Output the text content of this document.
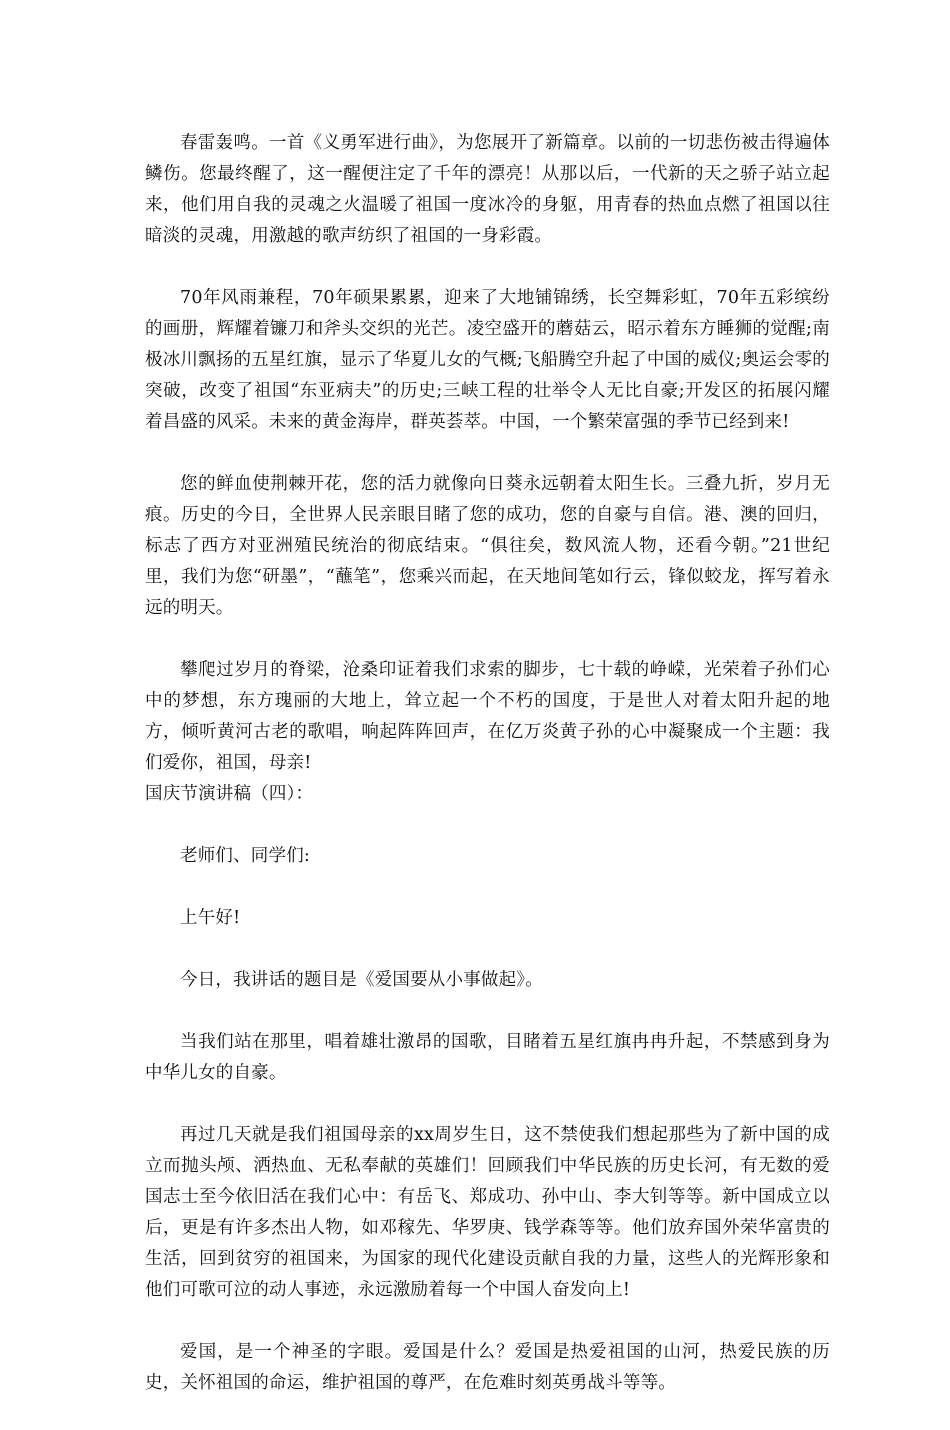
春雷轰鸣。一首《义勇军进行曲》，为您展开了新篇章。以前的一切悲伤被击得遍体鳞伤。您最终醒了，这一醒便注定了千年的漂亮！从那以后，一代新的天之骄子站立起来，他们用自我的灵魂之火温暖了祖国一度冰冷的身躯，用青春的热血点燃了祖国以往暗淡的灵魂，用激越的歌声纺织了祖国的一身彩霞。

70年风雨兼程，70年硕果累累，迎来了大地铺锦绣，长空舞彩虹，70年五彩缤纷的画册，辉耀着镰刀和斧头交织的光芒。凌空盛开的蘑菇云，昭示着东方睡狮的觉醒;南极冰川飘扬的五星红旗，显示了华夏儿女的气概;飞船腾空升起了中国的威仪;奥运会零的突破，改变了祖国“东亚病夫”的历史;三峡工程的壮举令人无比自豪;开发区的拓展闪耀着昌盛的风采。未来的黄金海岸，群英荟萃。中国，一个繁荣富强的季节已经到来!

您的鲜血使荆棘开花，您的活力就像向日葵永远朝着太阳生长。三叠九折，岁月无痕。历史的今日，全世界人民亲眼目睹了您的成功，您的自豪与自信。港、澳的回归，标志了西方对亚洲殖民统治的彻底结束。“俱往矣，数风流人物，还看今朝。”21世纪里，我们为您“研墨”，“蘸笔”，您乘兴而起，在天地间笔如行云，锋似蛟龙，挥写着永远的明天。

攀爬过岁月的脊梁，沧桑印证着我们求索的脚步，七十载的峥嵘，光荣着子孙们心中的梦想，东方瑰丽的大地上，耸立起一个不朽的国度，于是世人对着太阳升起的地方，倾听黄河古老的歌唱，响起阵阵回声，在亿万炎黄子孙的心中凝聚成一个主题：我们爱你，祖国，母亲!

国庆节演讲稿（四）：

老师们、同学们:

上午好!

今日，我讲话的题目是《爱国要从小事做起》。

当我们站在那里，唱着雄壮激昂的国歌，目睹着五星红旗冉冉升起，不禁感到身为中华儿女的自豪。

再过几天就是我们祖国母亲的xx周岁生日，这不禁使我们想起那些为了新中国的成立而抛头颅、洒热血、无私奉献的英雄们！回顾我们中华民族的历史长河，有无数的爱国志士至今依旧活在我们心中：有岳飞、郑成功、孙中山、李大钊等等。新中国成立以后，更是有许多杰出人物，如邓稼先、华罗庚、钱学森等等。他们放弃国外荣华富贵的生活，回到贫穷的祖国来，为国家的现代化建设贡献自我的力量，这些人的光辉形象和他们可歌可泣的动人事迹，永远激励着每一个中国人奋发向上!

爱国，是一个神圣的字眼。爱国是什么？爱国是热爱祖国的山河，热爱民族的历史，关怀祖国的命运，维护祖国的尊严，在危难时刻英勇战斗等等。
